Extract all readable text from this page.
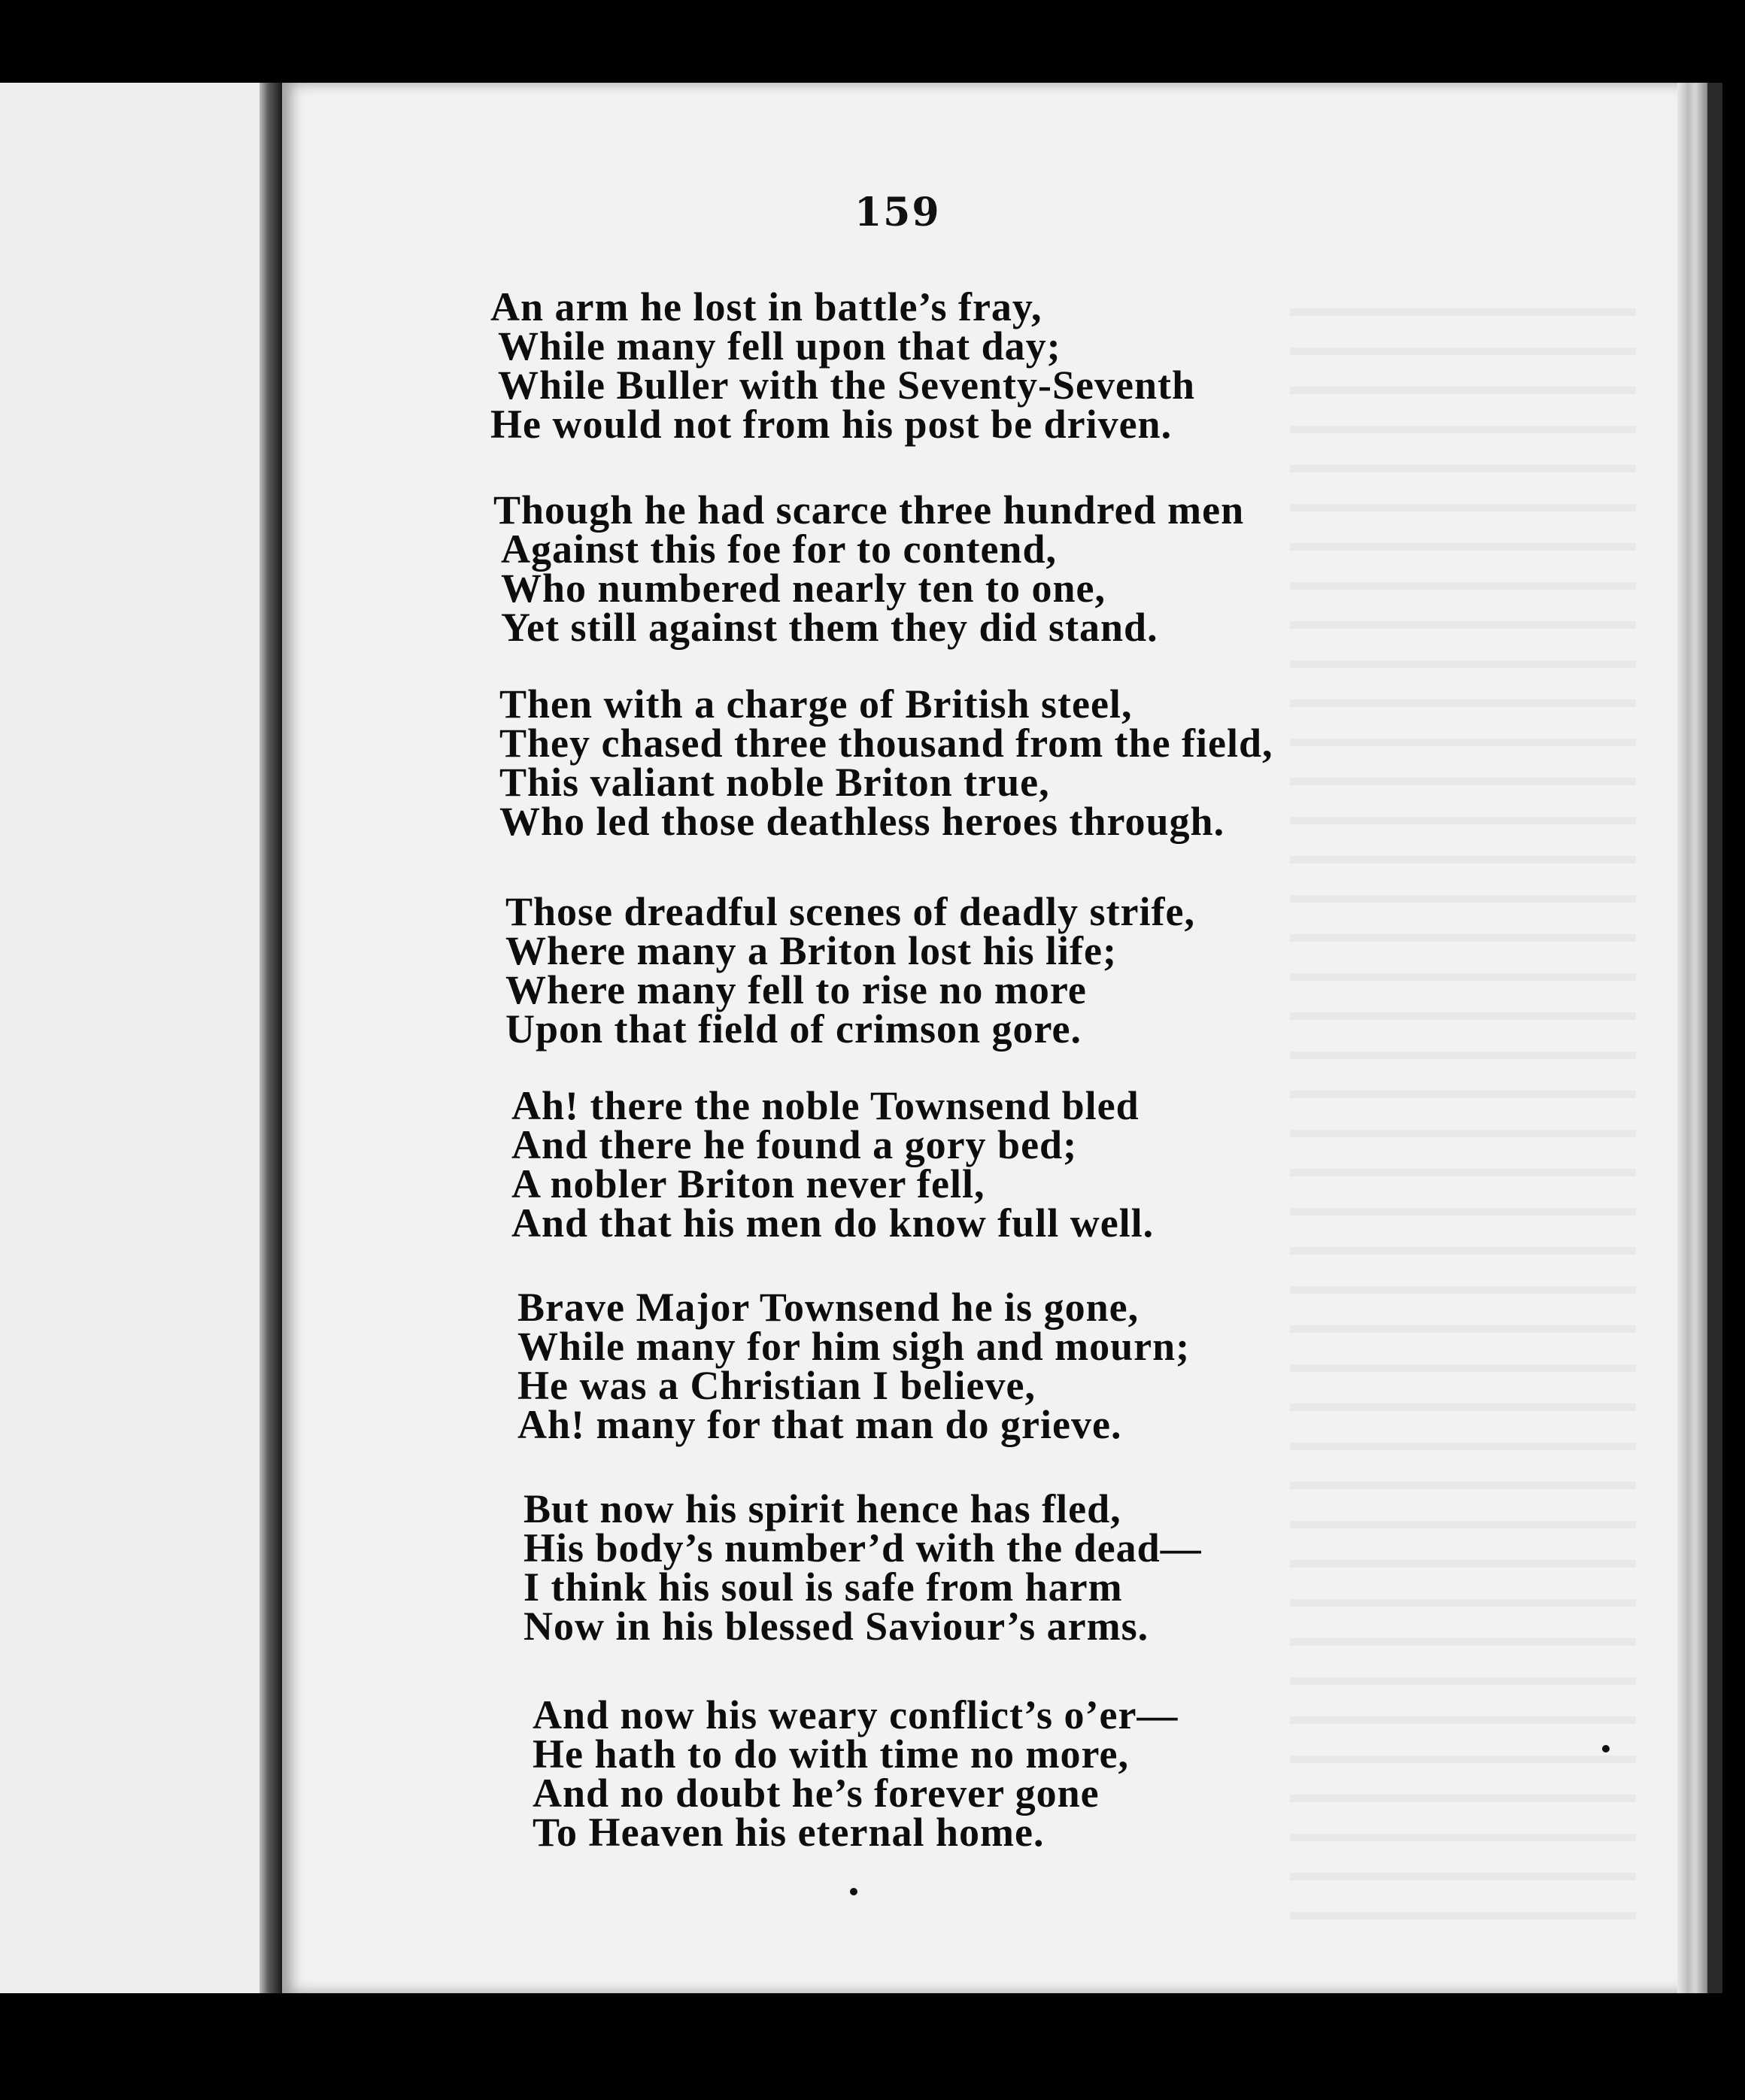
159
An arm he lost in battle’s fray,
While many fell upon that day;
While Buller with the Seventy-Seventh
He would not from his post be driven.
Though he had scarce three hundred men
Against this foe for to contend,
Who numbered nearly ten to one,
Yet still against them they did stand.
Then with a charge of British steel,
They chased three thousand from the field,
This valiant noble Briton true,
Who led those deathless heroes through.
Those dreadful scenes of deadly strife,
Where many a Briton lost his life;
Where many fell to rise no more
Upon that field of crimson gore.
Ah! there the noble Townsend bled
And there he found a gory bed;
A nobler Briton never fell,
And that his men do know full well.
Brave Major Townsend he is gone,
While many for him sigh and mourn;
He was a Christian I believe,
Ah! many for that man do grieve.
But now his spirit hence has fled,
His body’s number’d with the dead—
I think his soul is safe from harm
Now in his blessed Saviour’s arms.
And now his weary conflict’s o’er—
He hath to do with time no more,
And no doubt he’s forever gone
To Heaven his eternal home.
